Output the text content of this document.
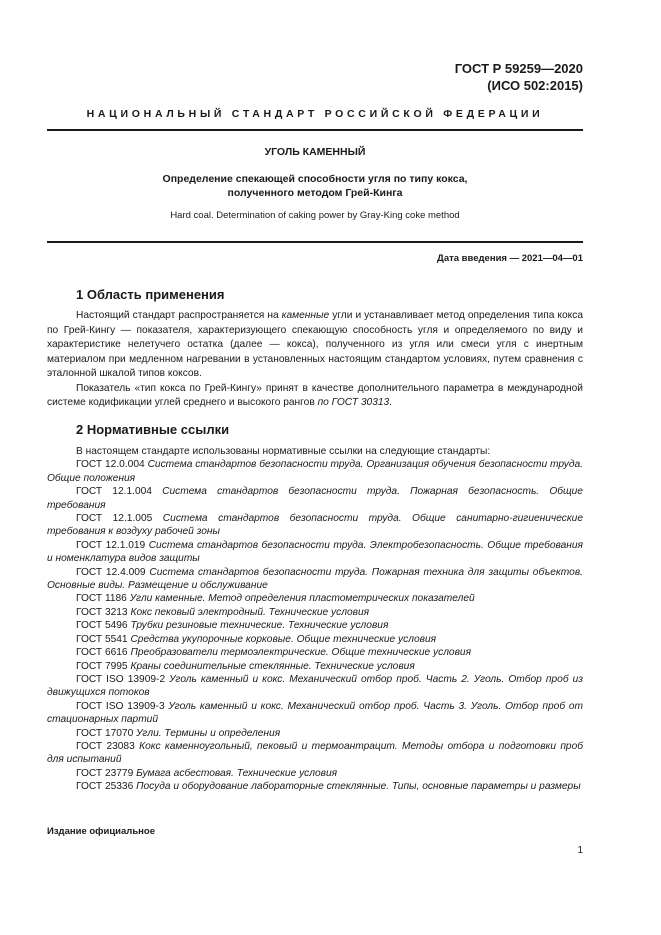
ГОСТ Р 59259—2020
(ИСО 502:2015)
НАЦИОНАЛЬНЫЙ СТАНДАРТ РОССИЙСКОЙ ФЕДЕРАЦИИ
УГОЛЬ КАМЕННЫЙ
Определение спекающей способности угля по типу кокса,
полученного методом Грей-Кинга
Hard coal. Determination of caking power by Gray-King coke method
Дата введения — 2021—04—01
1 Область применения
Настоящий стандарт распространяется на каменные угли и устанавливает метод определения типа кокса по Грей-Кингу — показателя, характеризующего спекающую способность угля и определяемого по виду и характеристике нелетучего остатка (далее — кокса), полученного из угля или смеси угля с инертным материалом при медленном нагревании в установленных настоящим стандартом условиях, путем сравнения с эталонной шкалой типов коксов.
Показатель «тип кокса по Грей-Кингу» принят в качестве дополнительного параметра в международной системе кодификации углей среднего и высокого рангов по ГОСТ 30313.
2 Нормативные ссылки
В настоящем стандарте использованы нормативные ссылки на следующие стандарты:
ГОСТ 12.0.004 Система стандартов безопасности труда. Организация обучения безопасности труда. Общие положения
ГОСТ 12.1.004 Система стандартов безопасности труда. Пожарная безопасность. Общие требования
ГОСТ 12.1.005 Система стандартов безопасности труда. Общие санитарно-гигиенические требования к воздуху рабочей зоны
ГОСТ 12.1.019 Система стандартов безопасности труда. Электробезопасность. Общие требования и номенклатура видов защиты
ГОСТ 12.4.009 Система стандартов безопасности труда. Пожарная техника для защиты объектов. Основные виды. Размещение и обслуживание
ГОСТ 1186 Угли каменные. Метод определения пластометрических показателей
ГОСТ 3213 Кокс пековый электродный. Технические условия
ГОСТ 5496 Трубки резиновые технические. Технические условия
ГОСТ 5541 Средства укупорочные корковые. Общие технические условия
ГОСТ 6616 Преобразователи термоэлектрические. Общие технические условия
ГОСТ 7995 Краны соединительные стеклянные. Технические условия
ГОСТ ISO 13909-2 Уголь каменный и кокс. Механический отбор проб. Часть 2. Уголь. Отбор проб из движущихся потоков
ГОСТ ISO 13909-3 Уголь каменный и кокс. Механический отбор проб. Часть 3. Уголь. Отбор проб от стационарных партий
ГОСТ 17070 Угли. Термины и определения
ГОСТ 23083 Кокс каменноугольный, пековый и термоантрацит. Методы отбора и подготовки проб для испытаний
ГОСТ 23779 Бумага асбестовая. Технические условия
ГОСТ 25336 Посуда и оборудование лабораторные стеклянные. Типы, основные параметры и размеры
Издание официальное
1
